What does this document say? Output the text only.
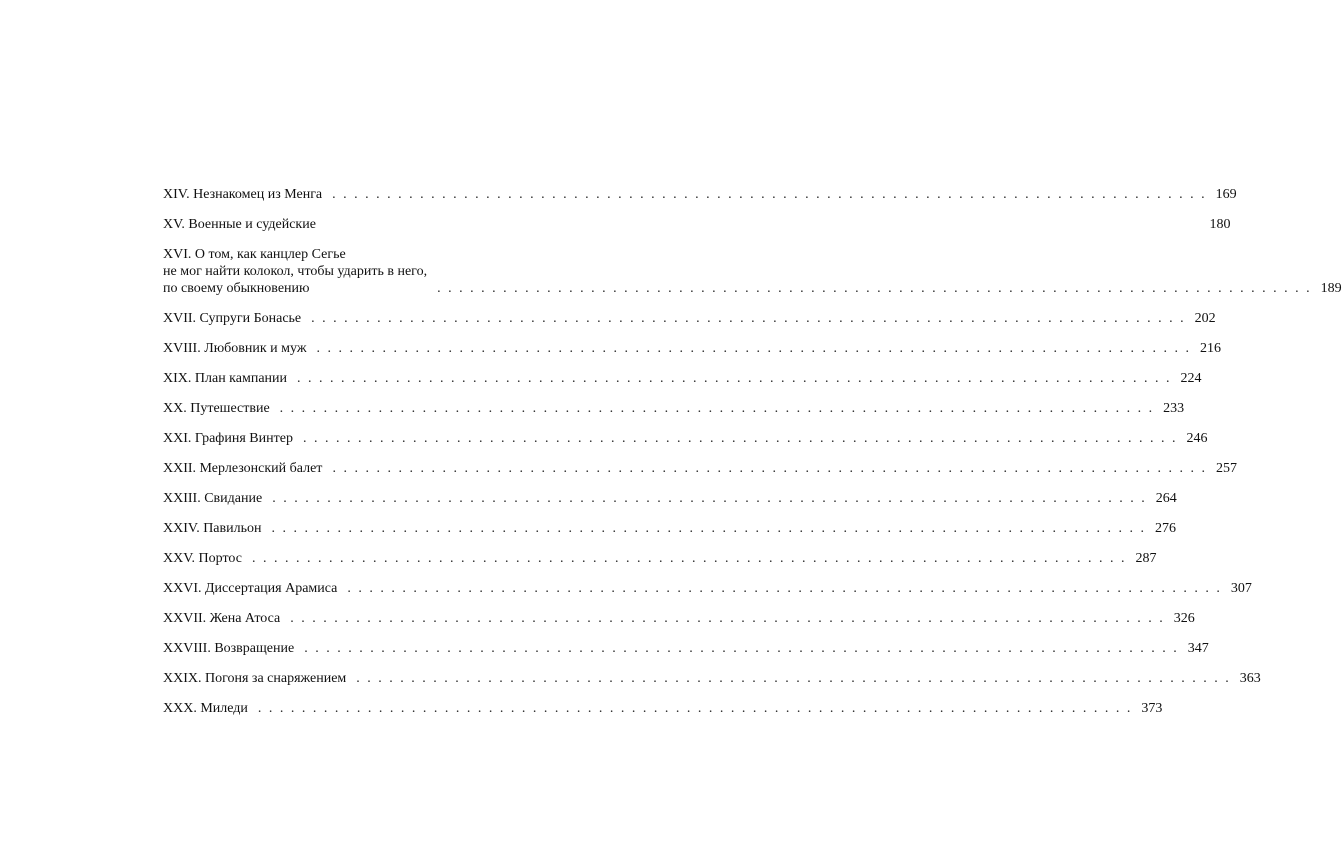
XIV. Незнакомец из Менга . . . . . . . . . . . . . . . . . . . . . . . . . . . . . . . . . . . . . . . . . . . . . . . . . . . . . . . . . . . . . . . . . . . . . . . . . . . . . . . . 169
XV. Военные и судейские	180
XVI. О том, как канцлер Сегье
не мог найти колокол, чтобы ударить в него,
по своему обыкновению	. . . . . . . . . . . . . . . . . . . . . . . . . . . . . . . . . . . . . . . . . . . . . . . . . . . . . . . . . . . . . . . . . . . . . . . . . . . . . . . . 189
XVII. Супруги Бонасье . . . . . . . . . . . . . . . . . . . . . . . . . . . . . . . . . . . . . . . . . . . . . . . . . . . . . . . . . . . . . . . . . . . . . . . . . . . . . . . . 202
XVIII. Любовник и муж . . . . . . . . . . . . . . . . . . . . . . . . . . . . . . . . . . . . . . . . . . . . . . . . . . . . . . . . . . . . . . . . . . . . . . . . . . . . . . . . 216
XIX. План кампании . . . . . . . . . . . . . . . . . . . . . . . . . . . . . . . . . . . . . . . . . . . . . . . . . . . . . . . . . . . . . . . . . . . . . . . . . . . . . . . . 224
XX. Путешествие . . . . . . . . . . . . . . . . . . . . . . . . . . . . . . . . . . . . . . . . . . . . . . . . . . . . . . . . . . . . . . . . . . . . . . . . . . . . . . . . 233
XXI. Графиня Винтер . . . . . . . . . . . . . . . . . . . . . . . . . . . . . . . . . . . . . . . . . . . . . . . . . . . . . . . . . . . . . . . . . . . . . . . . . . . . . . . . 246
XXII. Мерлезонский балет . . . . . . . . . . . . . . . . . . . . . . . . . . . . . . . . . . . . . . . . . . . . . . . . . . . . . . . . . . . . . . . . . . . . . . . . . . . . . . . . 257
XXIII. Свидание . . . . . . . . . . . . . . . . . . . . . . . . . . . . . . . . . . . . . . . . . . . . . . . . . . . . . . . . . . . . . . . . . . . . . . . . . . . . . . . . 264
XXIV. Павильон . . . . . . . . . . . . . . . . . . . . . . . . . . . . . . . . . . . . . . . . . . . . . . . . . . . . . . . . . . . . . . . . . . . . . . . . . . . . . . . . 276
XXV. Портос . . . . . . . . . . . . . . . . . . . . . . . . . . . . . . . . . . . . . . . . . . . . . . . . . . . . . . . . . . . . . . . . . . . . . . . . . . . . . . . . 287
XXVI. Диссертация Арамиса . . . . . . . . . . . . . . . . . . . . . . . . . . . . . . . . . . . . . . . . . . . . . . . . . . . . . . . . . . . . . . . . . . . . . . . . . . . . . . . . 307
XXVII. Жена Атоса . . . . . . . . . . . . . . . . . . . . . . . . . . . . . . . . . . . . . . . . . . . . . . . . . . . . . . . . . . . . . . . . . . . . . . . . . . . . . . . . 326
XXVIII. Возвращение . . . . . . . . . . . . . . . . . . . . . . . . . . . . . . . . . . . . . . . . . . . . . . . . . . . . . . . . . . . . . . . . . . . . . . . . . . . . . . . . 347
XXIX. Погоня за снаряжением . . . . . . . . . . . . . . . . . . . . . . . . . . . . . . . . . . . . . . . . . . . . . . . . . . . . . . . . . . . . . . . . . . . . . . . . . . . . . . . . 363
XXX. Миледи . . . . . . . . . . . . . . . . . . . . . . . . . . . . . . . . . . . . . . . . . . . . . . . . . . . . . . . . . . . . . . . . . . . . . . . . . . . . . . . . 373
